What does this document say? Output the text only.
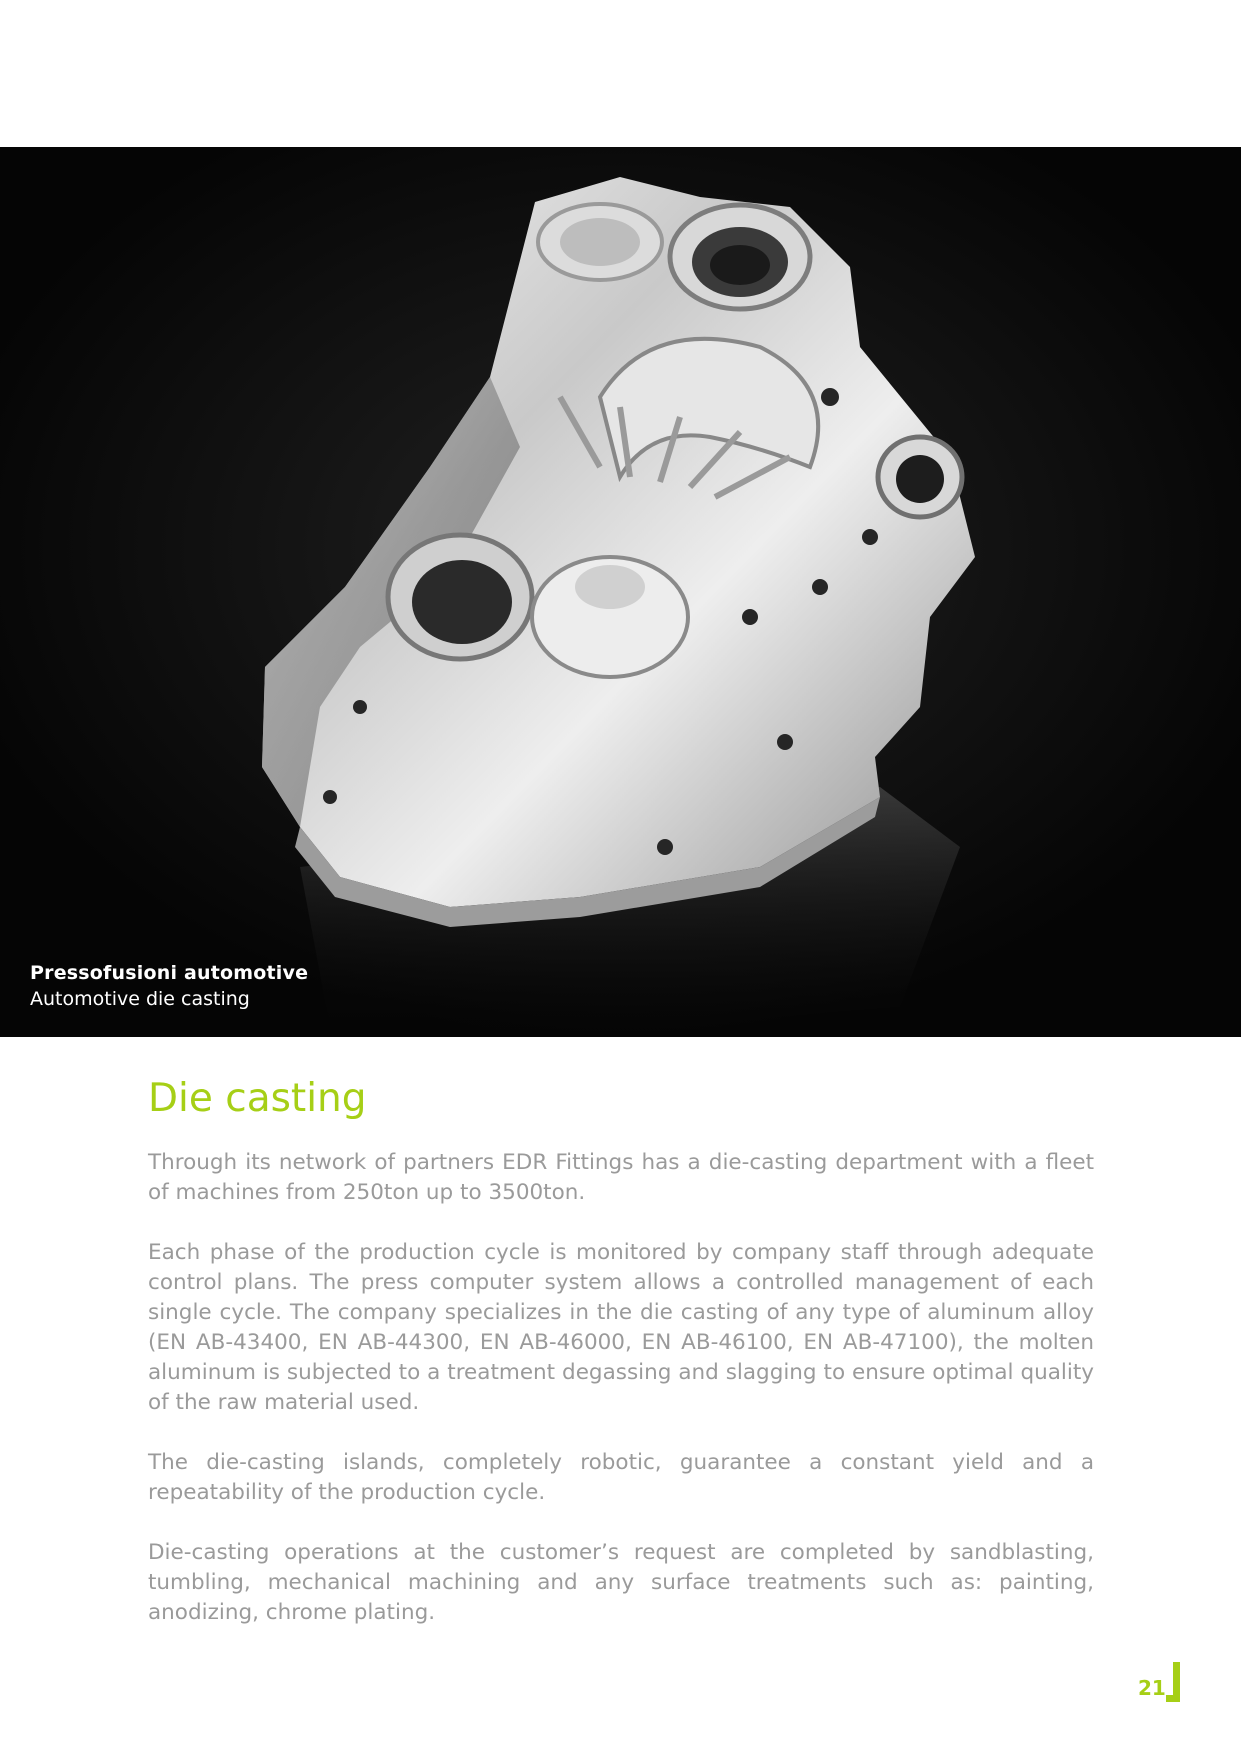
Pressofusioni automotive
Automotive die casting
Die casting

Through its network of partners EDR Fittings has a die-casting department with a fleet of machines from 250ton up to 3500ton.

Each phase of the production cycle is monitored by company staff through adequate control plans. The press computer system allows a controlled management of each single cycle. The company specializes in the die casting of any type of aluminum alloy (EN AB-43400, EN AB-44300, EN AB-46000, EN AB-46100, EN AB-47100), the molten aluminum is subjected to a treatment degassing and slagging to ensure optimal quality of the raw material used.

The die-casting islands, completely robotic, guarantee a constant yield and a repeatability of the production cycle.

Die-casting operations at the customer’s request are completed by sandblasting, tumbling, mechanical machining and any surface treatments such as: painting, anodizing, chrome plating.

21
